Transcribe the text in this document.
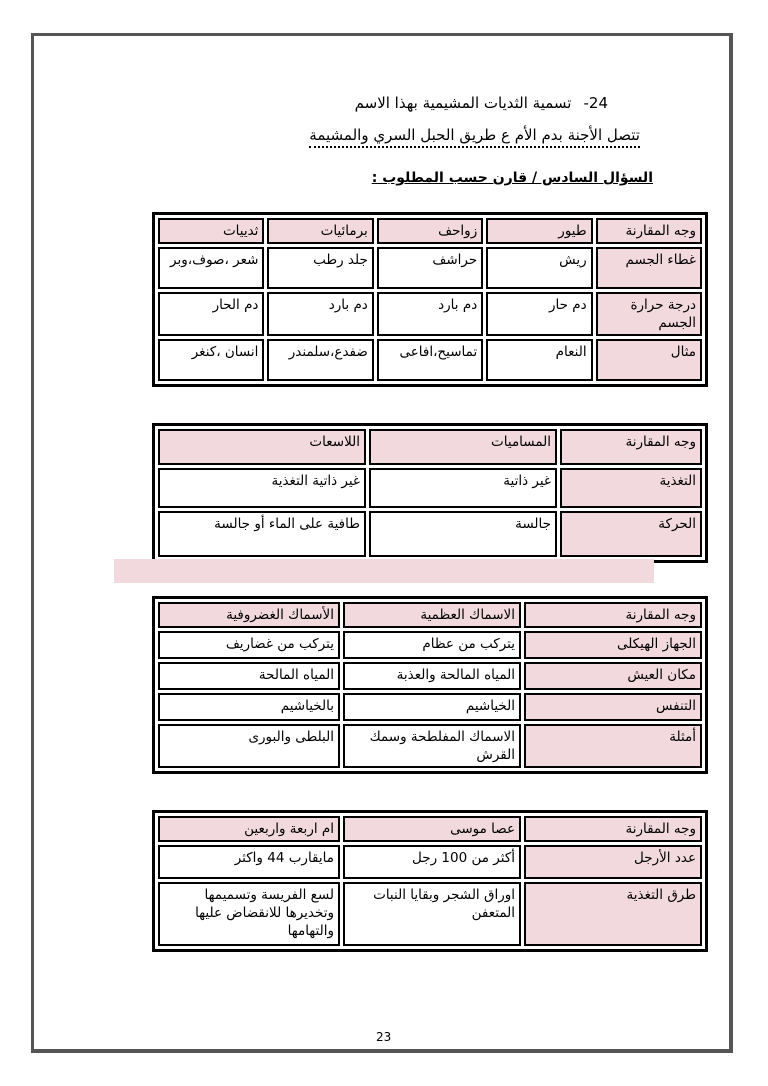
24-تسمية الثديات المشيمية بهذا الاسم
تتصل الأجنة بدم الأم ع طريق الحبل السري والمشيمة
السؤال السادس / قارن حسب المطلوب :
وجه المقارنة	طيور	زواحف	برمائيات	ثدييات
غطاء الجسم	ريش	حراشف	جلد رطب	شعر ،صوف،وبر
درجة حرارة الجسم	دم حار	دم بارد	دم بارد	دم الحار
مثال	النعام	تماسيح،افاعى	ضفدع،سلمندر	انسان ،كنغر
وجه المقارنة	المساميات	اللاسعات
التغذية	غير ذاتية	غير ذاتية التغذية
الحركة	جالسة	طافية على الماء أو جالسة
وجه المقارنة	الاسماك العظمية	الأسماك الغضروفية
الجهاز الهيكلى	يتركب من عظام	يتركب من غضاريف
مكان العيش	المياه المالحة والعذبة	المياه المالحة
التنفس	الخياشيم	بالخياشيم
أمثلة	الاسماك المفلطحة وسمك القرش	البلطى والبورى
وجه المقارنة	عصا موسى	ام اربعة واربعين
عدد الأرجل	أكثر من 100 رجل	مايقارب 44 واكثر
طرق التغذية	اوراق الشجر وبقايا النبات المتعفن	لسع الفريسة وتسميمها وتخديرها للانقضاض عليها والتهامها
23
